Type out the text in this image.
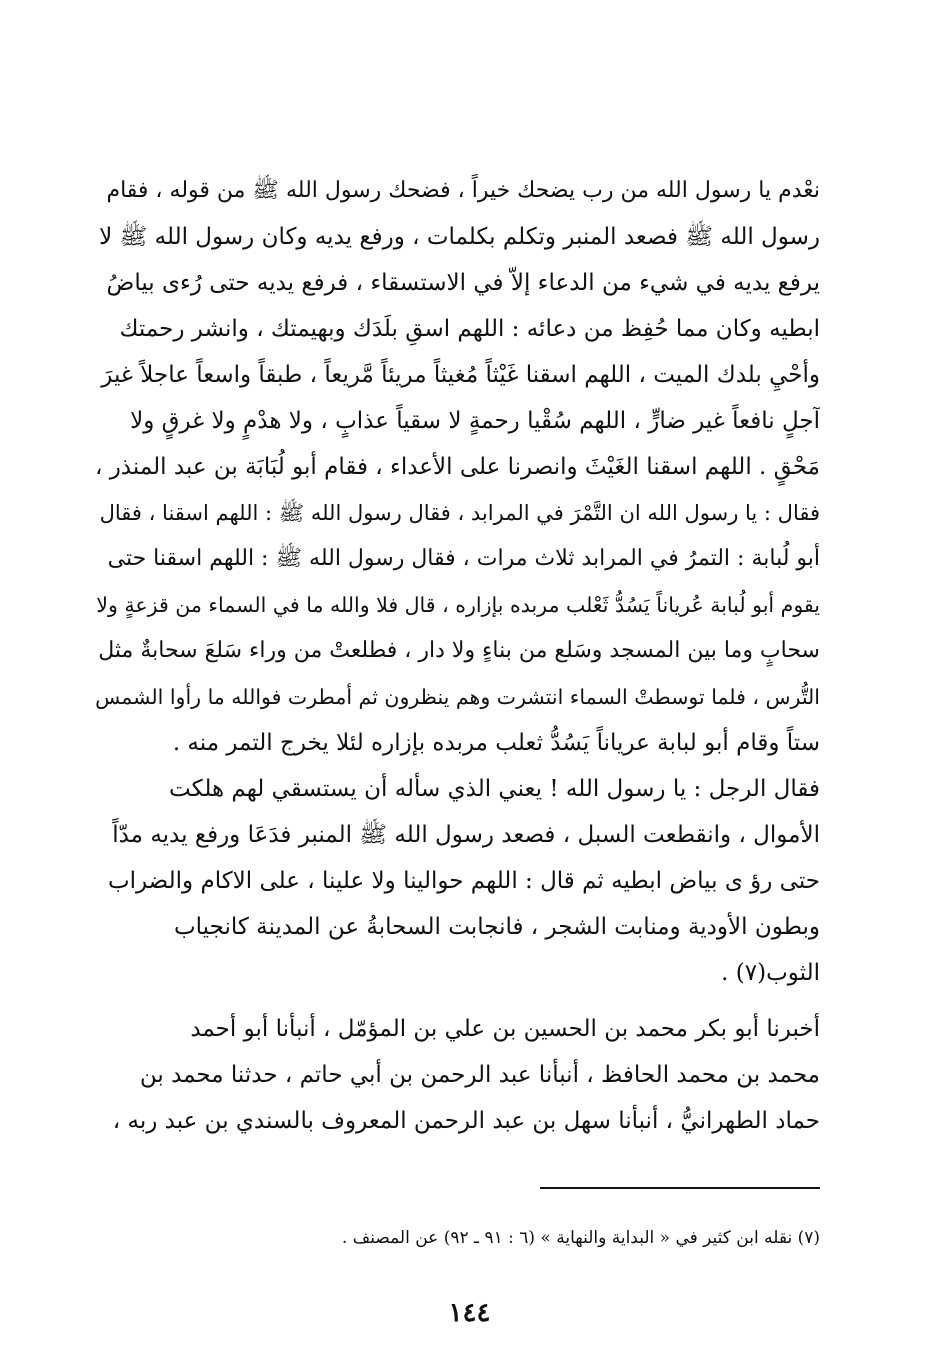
نعْدم يا رسول الله من رب يضحك خيراً ، فضحك رسول الله ﷺ من قوله ، فقام
رسول الله ﷺ فصعد المنبر وتكلم بكلمات ، ورفع يديه وكان رسول الله ﷺ لا
يرفع يديه في شيء من الدعاء إلاّ في الاستسقاء ، فرفع يديه حتى رُءى بياضُ
ابطيه وكان مما حُفِظ من دعائه : اللهم اسقِ بلَدَك وبهيمتك ، وانشر رحمتك
وأحْيِ بلدك الميت ، اللهم اسقنا غَيْثاً مُغيثاً مريئاً مَّريعاً ، طبقاً واسعاً عاجلاً غيرَ
آجلٍ نافعاً غير ضارٍّ ، اللهم سُقْيا رحمةٍ لا سقياً عذابٍ ، ولا هدْمٍ ولا غرقٍ ولا
مَحْقٍ . اللهم اسقنا الغَيْثَ وانصرنا على الأعداء ، فقام أبو لُبَابَة بن عبد المنذر ،
فقال : يا رسول الله ان التَّمْرَ في المرابد ، فقال رسول الله ﷺ : اللهم اسقنا ، فقال
أبو لُبابة : التمرُ في المرابد ثلاث مرات ، فقال رسول الله ﷺ : اللهم اسقنا حتى
يقوم أبو لُبابة عُرياناً يَسُدُّ ثَعْلب مربده بإزاره ، قال فلا والله ما في السماء من قزعةٍ ولا
سحابٍ وما بين المسجد وسَلع من بناءٍ ولا دار ، فطلعتْ من وراء سَلعَ سحابةٌ مثل
التُّرس ، فلما توسطتْ السماء انتشرت وهم ينظرون ثم أمطرت فوالله ما رأوا الشمس
ستاً وقام أبو لبابة عرياناً يَسُدُّ ثعلب مربده بإزاره لئلا يخرج التمر منه .
فقال الرجل : يا رسول الله ! يعني الذي سأله أن يستسقي لهم هلكت
الأموال ، وانقطعت السبل ، فصعد رسول الله ﷺ المنبر فدَعَا ورفع يديه مدّاً
حتى رؤ ى بياض ابطيه ثم قال : اللهم حوالينا ولا علينا ، على الاكام والضراب
وبطون الأودية ومنابت الشجر ، فانجابت السحابةُ عن المدينة كانجياب
الثوب(٧) .
أخبرنا أبو بكر محمد بن الحسين بن علي بن المؤمّل ، أنبأنا أبو أحمد
محمد بن محمد الحافظ ، أنبأنا عبد الرحمن بن أبي حاتم ، حدثنا محمد بن
حماد الطهرانيُّ ، أنبأنا سهل بن عبد الرحمن المعروف بالسندي بن عبد ربه ،
(٧) نقله ابن كثير في « البداية والنهاية » (٦ : ٩١ ـ ٩٢) عن المصنف .
١٤٤
